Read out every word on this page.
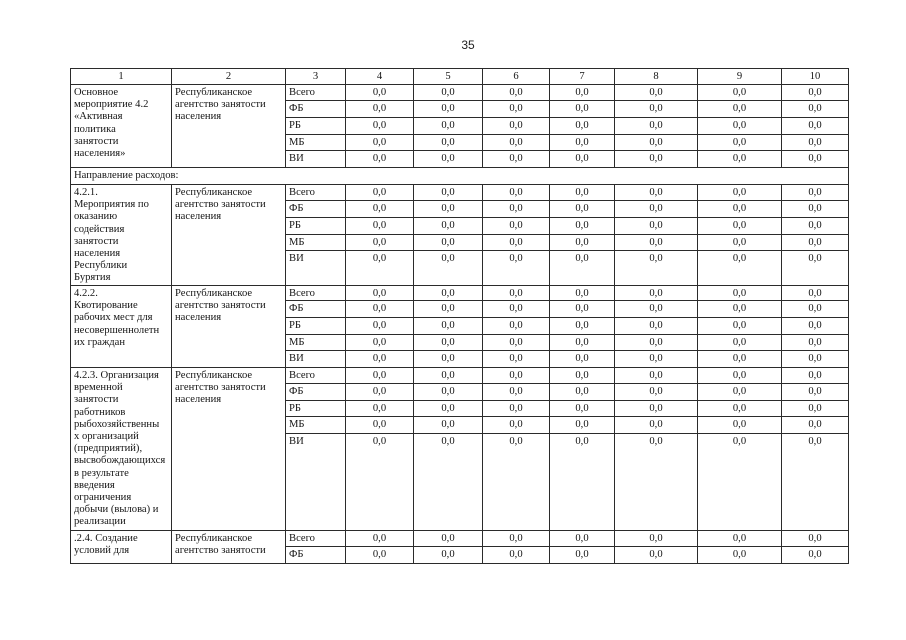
35
1	2	3	4	5	6	7	8	9	10
Основное
мероприятие 4.2
«Активная
политика
занятости
населения»
Республиканское
агентство занятости
населения
Всего	0,0	0,0	0,0	0,0	0,0	0,0	0,0
ФБ	0,0	0,0	0,0	0,0	0,0	0,0	0,0
РБ	0,0	0,0	0,0	0,0	0,0	0,0	0,0
МБ	0,0	0,0	0,0	0,0	0,0	0,0	0,0
ВИ	0,0	0,0	0,0	0,0	0,0	0,0	0,0
Направление расходов:
4.2.1.
Мероприятия по
оказанию
содействия
занятости
населения
Республики
Бурятия
Республиканское
агентство занятости
населения
Всего	0,0	0,0	0,0	0,0	0,0	0,0	0,0
ФБ	0,0	0,0	0,0	0,0	0,0	0,0	0,0
РБ	0,0	0,0	0,0	0,0	0,0	0,0	0,0
МБ	0,0	0,0	0,0	0,0	0,0	0,0	0,0
ВИ	0,0	0,0	0,0	0,0	0,0	0,0	0,0
4.2.2.
Квотирование
рабочих мест для
несовершеннолетн
их граждан
Республиканское
агентство занятости
населения
Всего	0,0	0,0	0,0	0,0	0,0	0,0	0,0
ФБ	0,0	0,0	0,0	0,0	0,0	0,0	0,0
РБ	0,0	0,0	0,0	0,0	0,0	0,0	0,0
МБ	0,0	0,0	0,0	0,0	0,0	0,0	0,0
ВИ	0,0	0,0	0,0	0,0	0,0	0,0	0,0
4.2.3. Организация
временной
занятости
работников
рыбохозяйственны
х организаций
(предприятий),
высвобождающихся
в результате
введения
ограничения
добычи (вылова) и
реализации
Республиканское
агентство занятости
населения
Всего	0,0	0,0	0,0	0,0	0,0	0,0	0,0
ФБ	0,0	0,0	0,0	0,0	0,0	0,0	0,0
РБ	0,0	0,0	0,0	0,0	0,0	0,0	0,0
МБ	0,0	0,0	0,0	0,0	0,0	0,0	0,0
ВИ	0,0	0,0	0,0	0,0	0,0	0,0	0,0
.2.4. Создание
условий для
Республиканское
агентство занятости
Всего	0,0	0,0	0,0	0,0	0,0	0,0	0,0
ФБ	0,0	0,0	0,0	0,0	0,0	0,0	0,0
